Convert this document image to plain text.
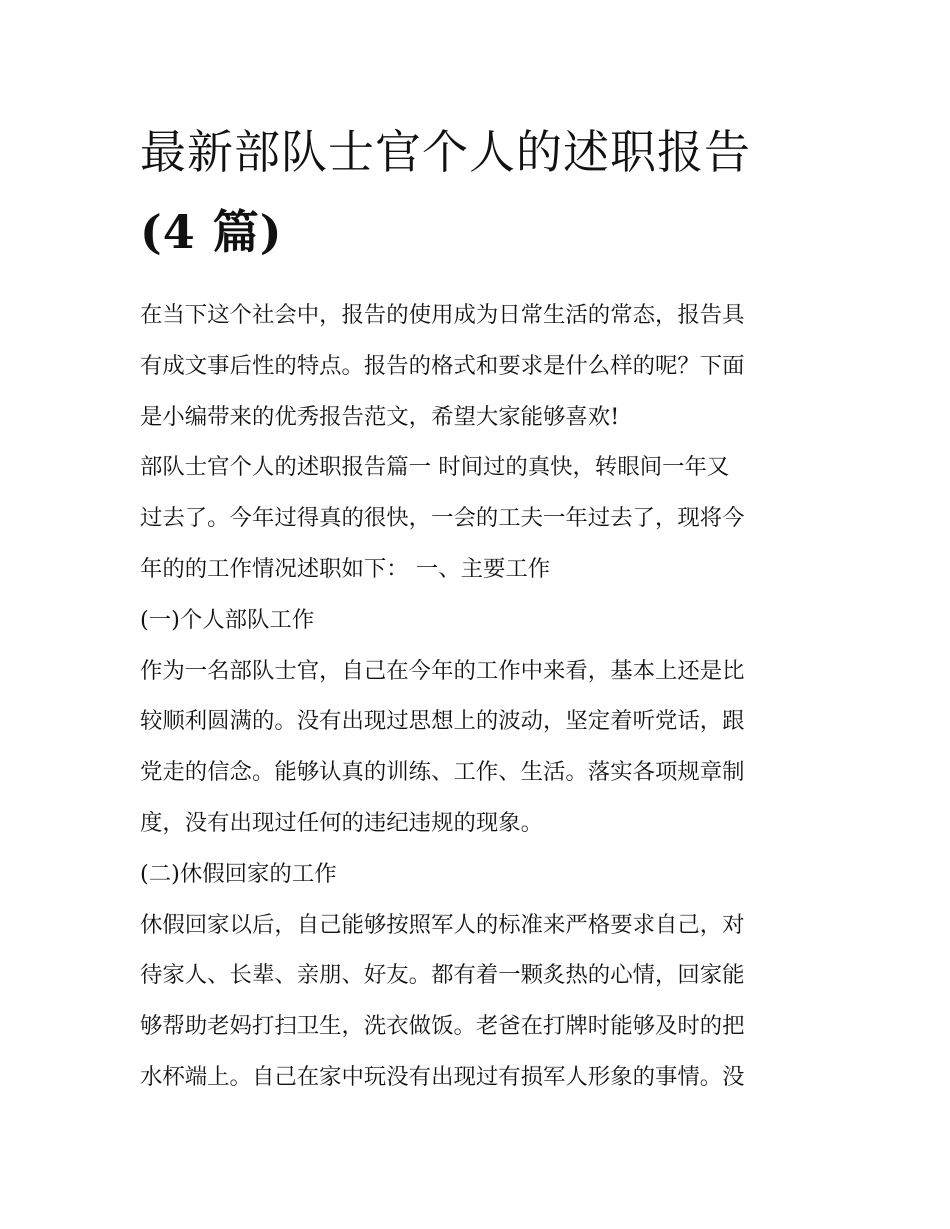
最新部队士官个人的述职报告
(4 篇)
在当下这个社会中，报告的使用成为日常生活的常态，报告具
有成文事后性的特点。报告的格式和要求是什么样的呢？下面
是小编带来的优秀报告范文，希望大家能够喜欢!
部队士官个人的述职报告篇一 时间过的真快，转眼间一年又
过去了。今年过得真的很快，一会的工夫一年过去了，现将今
年的的工作情况述职如下： 一、主要工作
(一)个人部队工作
作为一名部队士官，自己在今年的工作中来看，基本上还是比
较顺利圆满的。没有出现过思想上的波动，坚定着听党话，跟
党走的信念。能够认真的训练、工作、生活。落实各项规章制
度，没有出现过任何的违纪违规的现象。
(二)休假回家的工作
休假回家以后，自己能够按照军人的标准来严格要求自己，对
待家人、长辈、亲朋、好友。都有着一颗炙热的心情，回家能
够帮助老妈打扫卫生，洗衣做饭。老爸在打牌时能够及时的把
水杯端上。自己在家中玩没有出现过有损军人形象的事情。没
